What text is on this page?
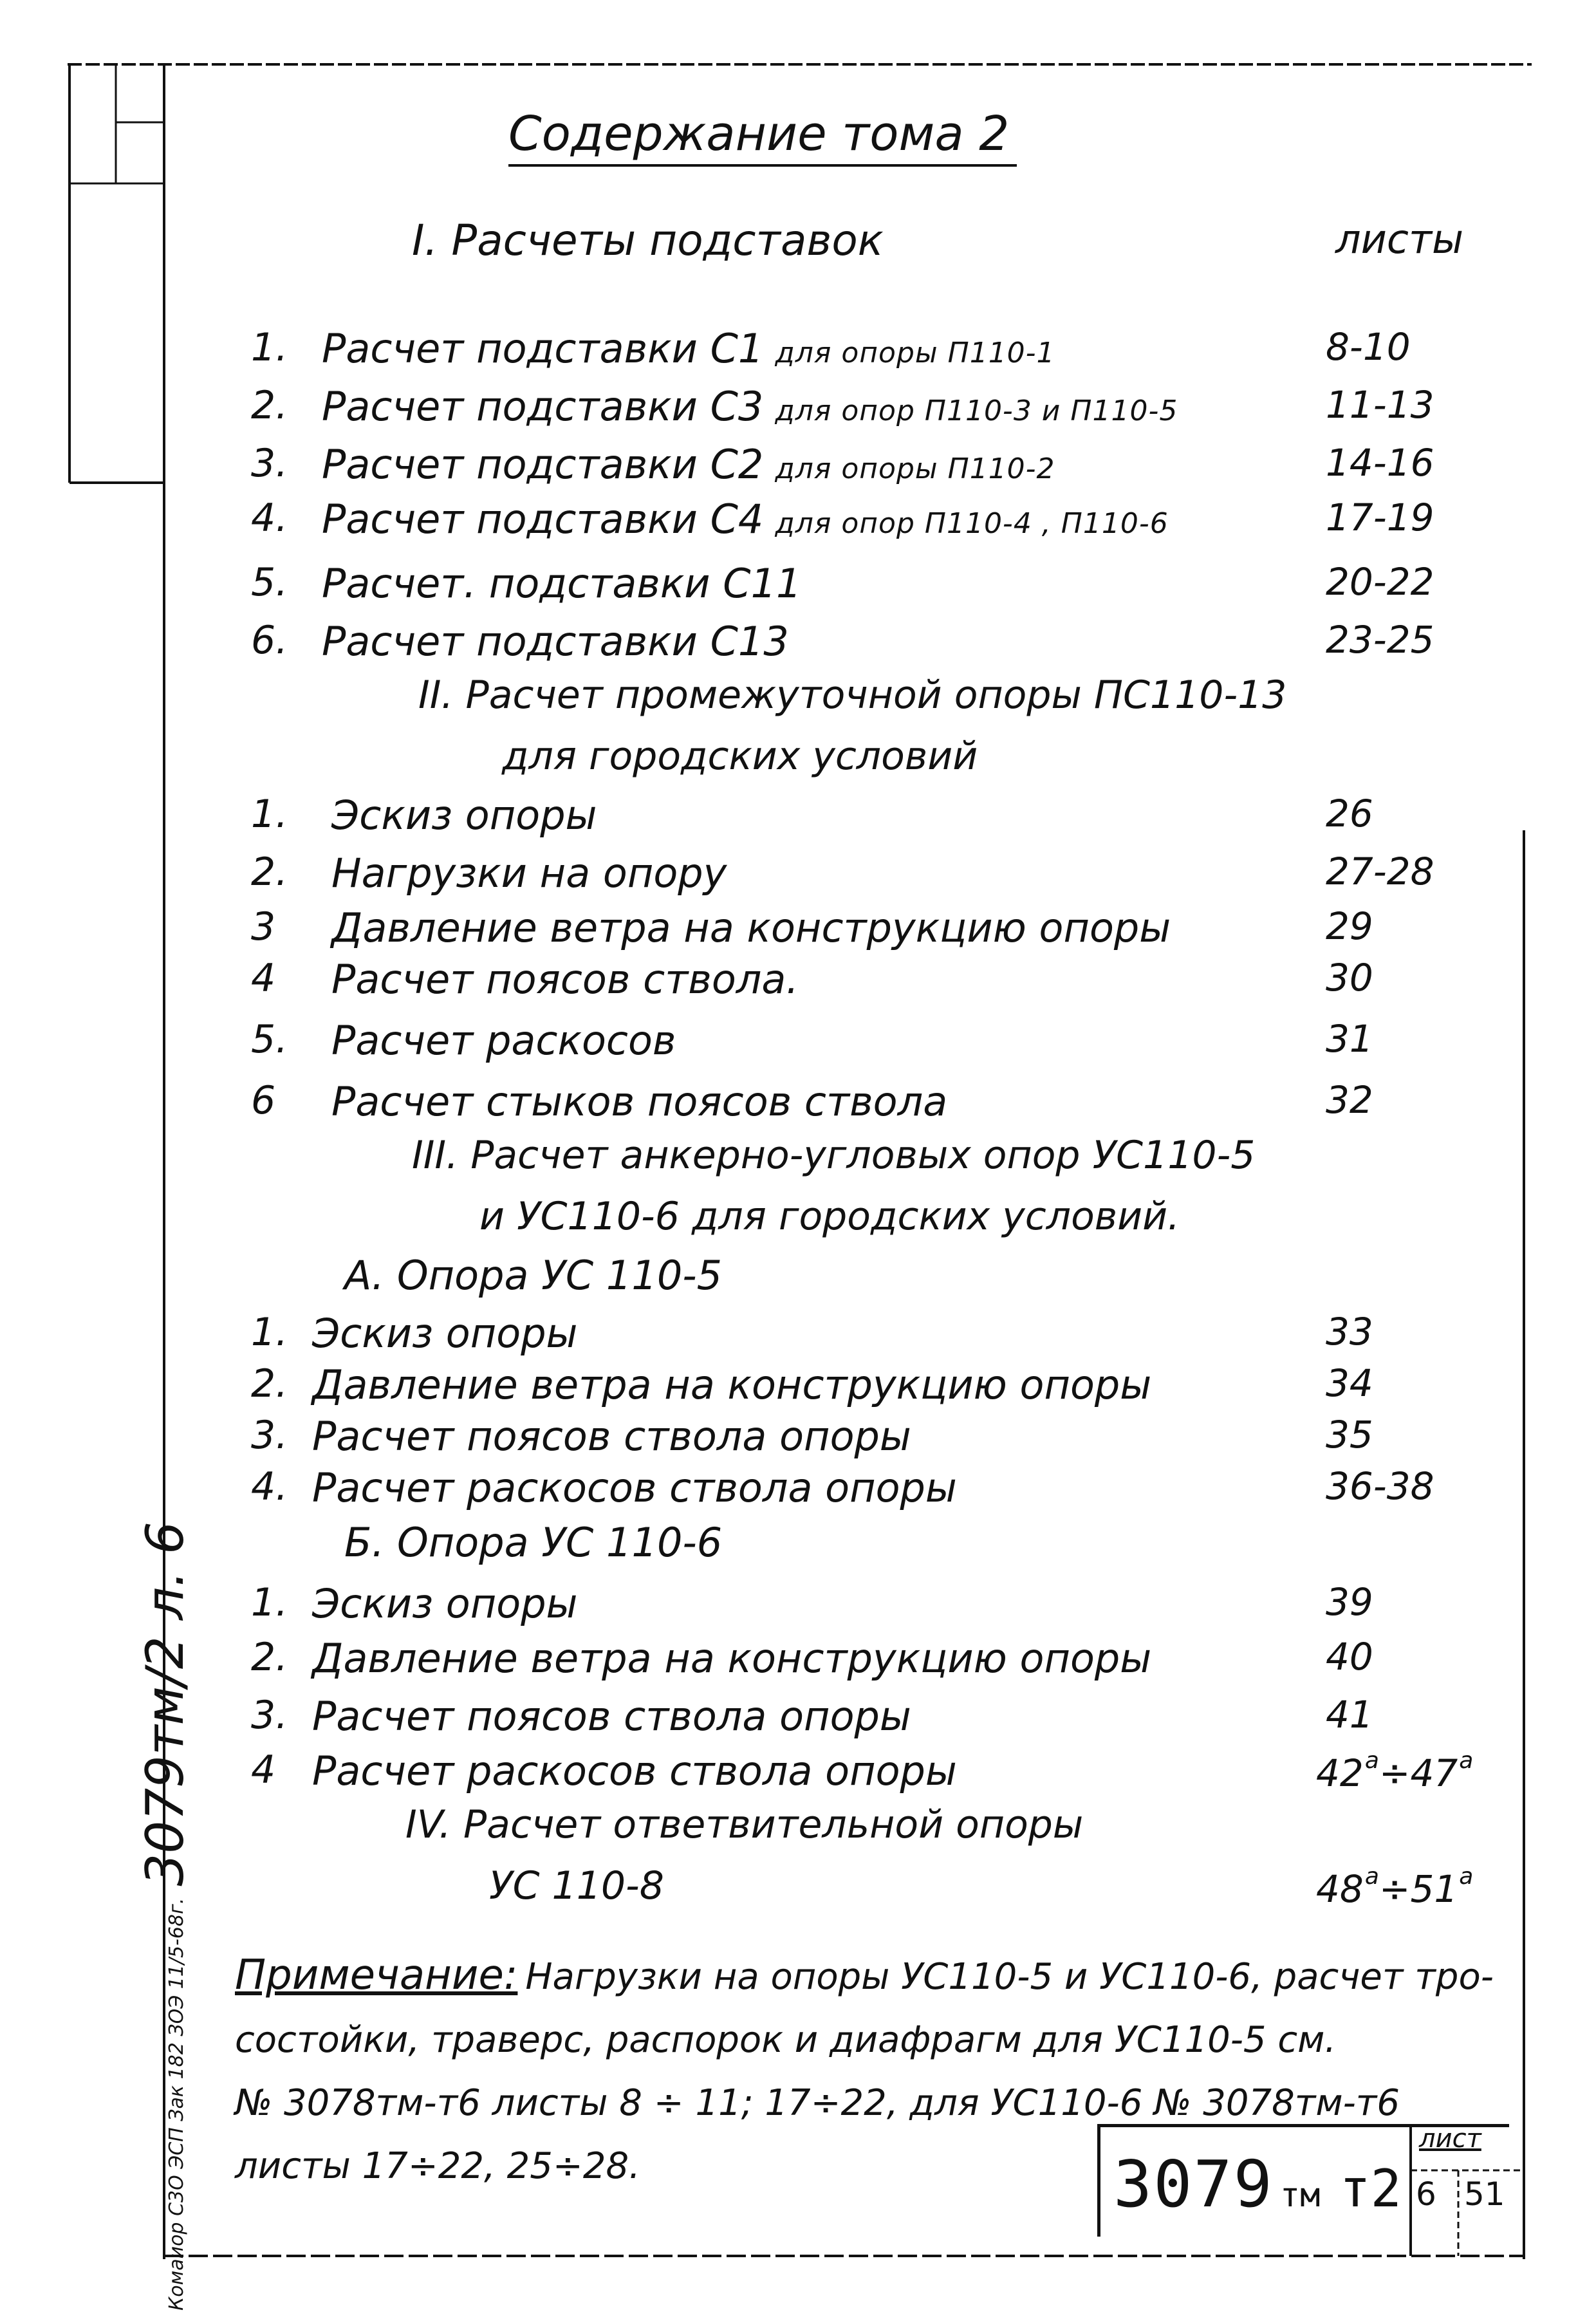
Содержание тома 2
I. Расчеты подставок	листы
1. Расчет подставки С1 для опоры П110-1	8-10
2. Расчет подставки С3 для опор П110-3 и П110-5	11-13
3. Расчет подставки С2 для опоры П110-2	14-16
4. Расчет подставки С4 для опор П110-4 , П110-6	17-19
5. Расчет. подставки С11	20-22
6. Расчет подставки С13	23-25
II. Расчет промежуточной опоры ПС110-13
для городских условий
1. Эскиз опоры	26
2. Нагрузки на опору	27-28
3 Давление ветра на конструкцию опоры	29
4 Расчет поясов ствола.	30
5. Расчет раскосов	31
6 Расчет стыков поясов ствола	32
III. Расчет анкерно-угловых опор УС110-5
и УС110-6 для городских условий.
А. Опора УС 110-5
1. Эскиз опоры	33
2. Давление ветра на конструкцию опоры	34
3. Расчет поясов ствола опоры	35
4. Расчет раскосов ствола опоры	36-38
Б. Опора УС 110-6
1. Эскиз опоры	39
2. Давление ветра на конструкцию опоры	40
3. Расчет поясов ствола опоры	41
4 Расчет раскосов ствола опоры	$42^а\div 47^а$
IV. Расчет ответвительной опоры
УС 110-8	$48^а\div 51^а$
Примечание: Нагрузки на опоры УС110-5 и УС110-6, расчет тро-
состойки, траверс, распорок и диафрагм для УС110-5 см.
№ 3078тм-т6 листы 8 ÷ 11; 17÷22, для УС110-6 № 3078тм-т6
листы 17÷22, 25÷28.
Комаиор С3О ЭСП Зак 182 ЗОЭ 11/5-68г.3079тм/2 л. 6
3079 тм т2
лист
6 51
